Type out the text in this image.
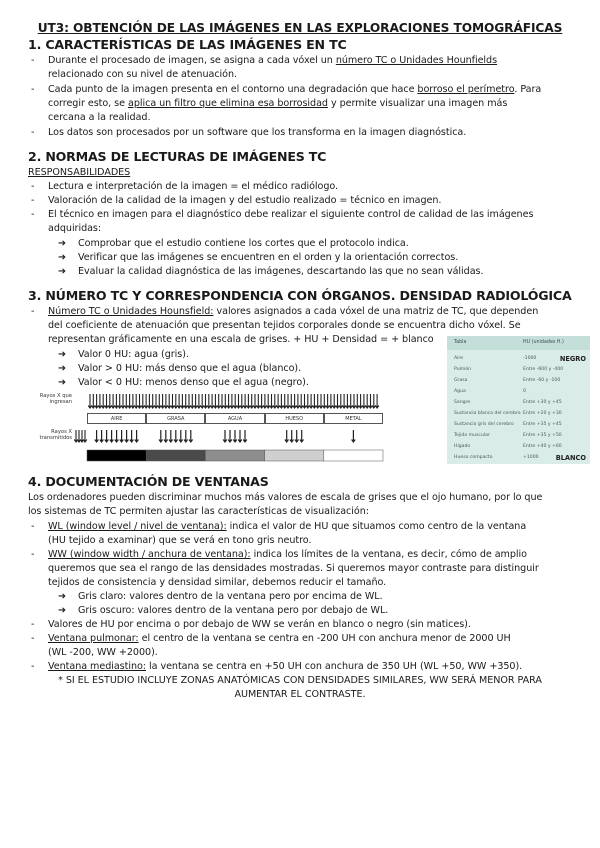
UT3: OBTENCIÓN DE LAS IMÁGENES EN LAS EXPLORACIONES TOMOGRÁFICAS
1. CARACTERÍSTICAS DE LAS IMÁGENES EN TC
- Durante el procesado de imagen, se asigna a cada vóxel un número TC o Unidades Hounfields
relacionado con su nivel de atenuación.
- Cada punto de la imagen presenta en el contorno una degradación que hace borroso el perímetro. Para corregir esto, se aplica un filtro que elimina esa borrosidad y permite visualizar una imagen más
cercana a la realidad.
- Los datos son procesados por un software que los transforma en la imagen diagnóstica.
2. NORMAS DE LECTURAS DE IMÁGENES TC
RESPONSABILIDADES
- Lectura e interpretación de la imagen = el médico radiólogo.
- Valoración de la calidad de la imagen y del estudio realizado = técnico en imagen.
- El técnico en imagen para el diagnóstico debe realizar el siguiente control de calidad de las imágenes
adquiridas:
➔ Comprobar que el estudio contiene los cortes que el protocolo indica.
➔ Verificar que las imágenes se encuentren en el orden y la orientación correctos.
➔ Evaluar la calidad diagnóstica de las imágenes, descartando las que no sean válidas.
3. NÚMERO TC Y CORRESPONDENCIA CON ÓRGANOS. DENSIDAD RADIOLÓGICA
- Número TC o Unidades Hounsfield: valores asignados a cada vóxel de una matriz de TC, que dependen
del coeficiente de atenuación que presentan tejidos corporales donde se encuentra dicho vóxel. Se
representan gráficamente en una escala de grises. + HU + Densidad = + blanco
➔ Valor 0 HU: agua (gris).
➔ Valor > 0 HU: más denso que el agua (blanco).
➔ Valor < 0 HU: menos denso que el agua (negro).
Rayos X que ingresan
Rayos X transmitidos
AIRE	GRASA	AGUA	HUESO	METAL
Tabla	HU (unidades H.)
Aire	-1000	NEGRO
Pulmón	Entre -600 y -400
Grasa	Entre -60 y -100
Agua	0
Sangre	Entre +30 y +45
Sustancia blanca del cerebro Entre +20 y +30
Sustancia gris del cerebro Entre +35 y +45
Tejido muscular	Entre +35 y +50
Hígado	Entre +40 y +60
Hueso compacto	+1000	BLANCO
4. DOCUMENTACIÓN DE VENTANAS
Los ordenadores pueden discriminar muchos más valores de escala de grises que el ojo humano, por lo que
los sistemas de TC permiten ajustar las características de visualización:
- WL (window level / nivel de ventana): indica el valor de HU que situamos como centro de la ventana
(HU tejido a examinar) que se verá en tono gris neutro.
- WW (window width / anchura de ventana): indica los límites de la ventana, es decir, cómo de amplio
queremos que sea el rango de las densidades mostradas. Si queremos mayor contraste para distinguir
tejidos de consistencia y densidad similar, debemos reducir el tamaño.
➔ Gris claro: valores dentro de la ventana pero por encima de WL.
➔ Gris oscuro: valores dentro de la ventana pero por debajo de WL.
- Valores de HU por encima o por debajo de WW se verán en blanco o negro (sin matices).
- Ventana pulmonar: el centro de la ventana se centra en -200 UH con anchura menor de 2000 UH
(WL -200, WW +2000).
- Ventana mediastino: la ventana se centra en +50 UH con anchura de 350 UH (WL +50, WW +350).
* SI EL ESTUDIO INCLUYE ZONAS ANATÓMICAS CON DENSIDADES SIMILARES, WW SERÁ MENOR PARA
AUMENTAR EL CONTRASTE.
